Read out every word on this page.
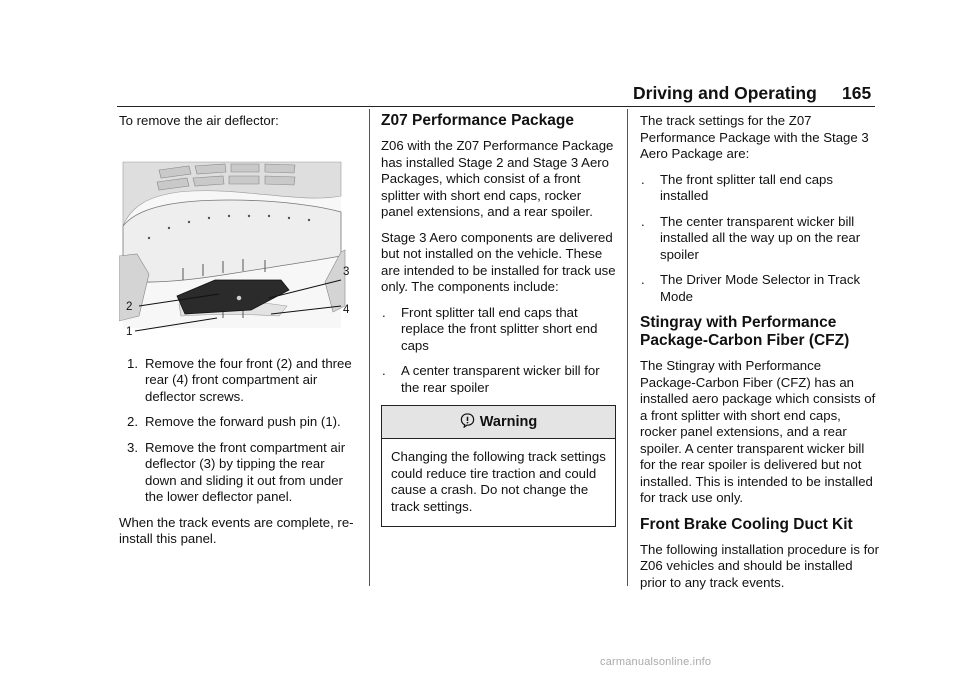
Driving and Operating 165

To remove the air deflector:

2
1
3
4
1. Remove the four front (2) and three rear (4) front compartment air deflector screws.
2. Remove the forward push pin (1).
3. Remove the front compartment air deflector (3) by tipping the rear down and sliding it out from under the lower deflector panel.

When the track events are complete, re-install this panel.

Z07 Performance Package

Z06 with the Z07 Performance Package has installed Stage 2 and Stage 3 Aero Packages, which consist of a front splitter with short end caps, rocker panel extensions, and a rear spoiler.

Stage 3 Aero components are delivered but not installed on the vehicle. These are intended to be installed for track use only. The components include:

. Front splitter tall end caps that replace the front splitter short end caps
. A center transparent wicker bill for the rear spoiler
Warning
Changing the following track settings could reduce tire traction and could cause a crash. Do not change the track settings.

The track settings for the Z07 Performance Package with the Stage 3 Aero Package are:

. The front splitter tall end caps installed
. The center transparent wicker bill installed all the way up on the rear spoiler
. The Driver Mode Selector in Track Mode
Stingray with Performance Package-Carbon Fiber (CFZ)

The Stingray with Performance Package-Carbon Fiber (CFZ) has an installed aero package which consists of a front splitter with short end caps, rocker panel extensions, and a rear spoiler. A center transparent wicker bill for the rear spoiler is delivered but not installed. This is intended to be installed for track use only.

Front Brake Cooling Duct Kit

The following installation procedure is for Z06 vehicles and should be installed prior to any track events.

carmanualsonline.info
